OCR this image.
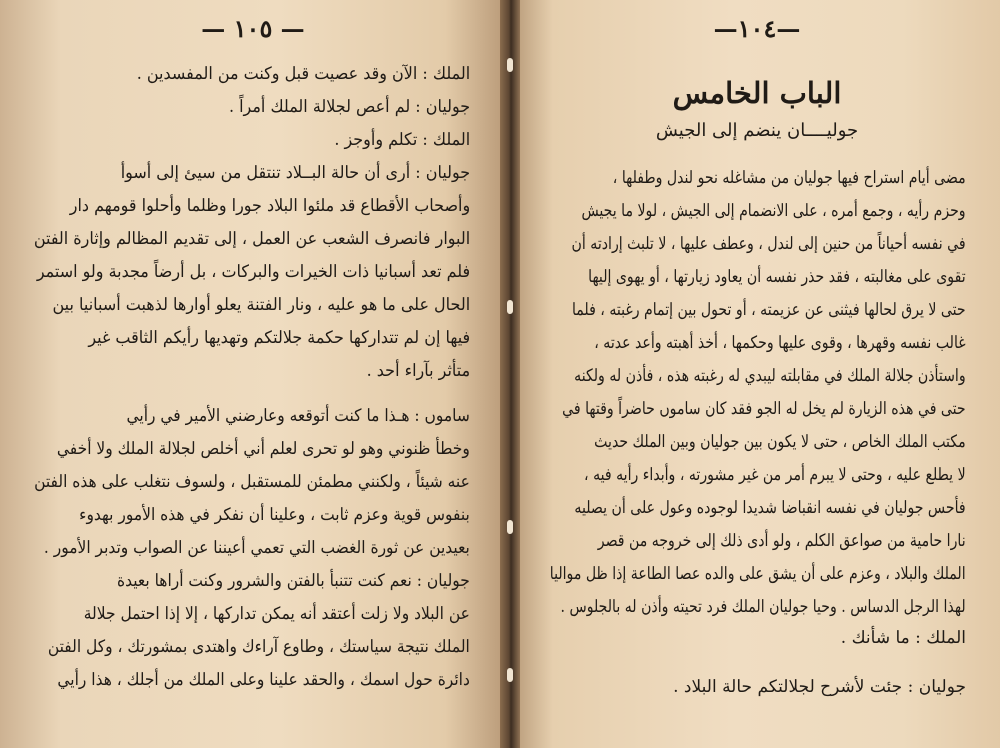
— ١٠٥ —
الملك : الآن وقد عصيت قبل وكنت من المفسدين .
جوليان : لم أعص لجلالة الملك أمراً .
الملك : تكلم وأوجز .
جوليان : أرى أن حالة البــلاد تنتقل من سيئ إلى أسوأ
وأصحاب الأقطاع قد ملئوا البلاد جورا وظلما وأحلوا قومهم دار
البوار فانصرف الشعب عن العمل ، إلى تقديم المظالم وإثارة الفتن
فلم تعد أسبانيا ذات الخيرات والبركات ، بل أرضاً مجدبة ولو استمر
الحال على ما هو عليه ، ونار الفتنة يعلو أوارها لذهبت أسبانيا بين
فيها إن لم تتدارکها حکمة جلالتکم وتهديها رأيکم الثاقب غير
متأثر بآراء أحد .
ساموں : هـذا ما كنت أتوقعه وعارضني الأمير في رأيي
وخطأ ظنوني وهو لو تحرى لعلم أني أخلص لجلالة الملك ولا أخفي
عنه شيئاً ، ولكنني مطمئن للمستقبل ، ولسوف نتغلب على هذه الفتن
بنفوس قوية وعزم ثابت ، وعلينا أن نفكر في هذه الأمور بهدوء
بعيدين عن ثورة الغضب التي تعمي أعيننا عن الصواب وتدبر الأمور .
جوليان : نعم كنت تتنبأ بالفتن والشرور وكنت أراها بعيدة
عن البلاد ولا زلت أعتقد أنه يمكن تداركها ، إلا إذا احتمل جلالة
الملك نتيجة سياستك ، وطاوع آراءك واهتدى بمشورتك ، وكل الفتن
دائرة حول اسمك ، والحقد علينا وعلى الملك من أجلك ، هذا رأيي
—١٠٤—
الباب الخامس
جوليــــان ينضم إلى الجيش
مضى أيام استراح فيها جوليان من مشاغله نحو لندل وطفلها ،
وحزم رأيه ، وجمع أمره ، على الانضمام إلى الجيش ، لولا ما يجيش
في نفسه أحياناً من حنين إلى لندل ، وعطف عليها ، لا تلبث إرادته أن
تقوى على مغالبته ، فقد حذر نفسه أن يعاود زيارتها ، أو يهوى إليها
حتى لا يرق لحالها فيثنى عن عزيمته ، أو تحول بين إتمام رغبته ، فلما
غالب نفسه وقهرها ، وقوى عليها وحكمها ، أخذ أهبته وأعد عدته ،
واستأذن جلالة الملك في مقابلته ليبدي له رغبته هذه ، فأذن له ولكنه
حتى في هذه الزيارة لم يخل له الجو فقد كان ساموں حاضراً وقتها في
مكتب الملك الخاص ، حتى لا يكون بين جوليان وبين الملك حديث
لا يطلع عليه ، وحتى لا يبرم أمر من غير مشورته ، وأبداء رأيه فيه ،
فأحس جوليان في نفسه انقباضا شديدا لوجوده وعول على أن يصليه
نارا حامية من صواعق الكلم ، ولو أدى ذلك إلى خروجه من قصر
الملك والبلاد ، وعزم على أن يشق على والده عصا الطاعة إذا ظل مواليا
لهذا الرجل الدساس . وحيا جوليان الملك فرد تحيته وأذن له بالجلوس .
الملك : ما شأنك .
جوليان : جئت لأشرح لجلالتكم حالة البلاد .
